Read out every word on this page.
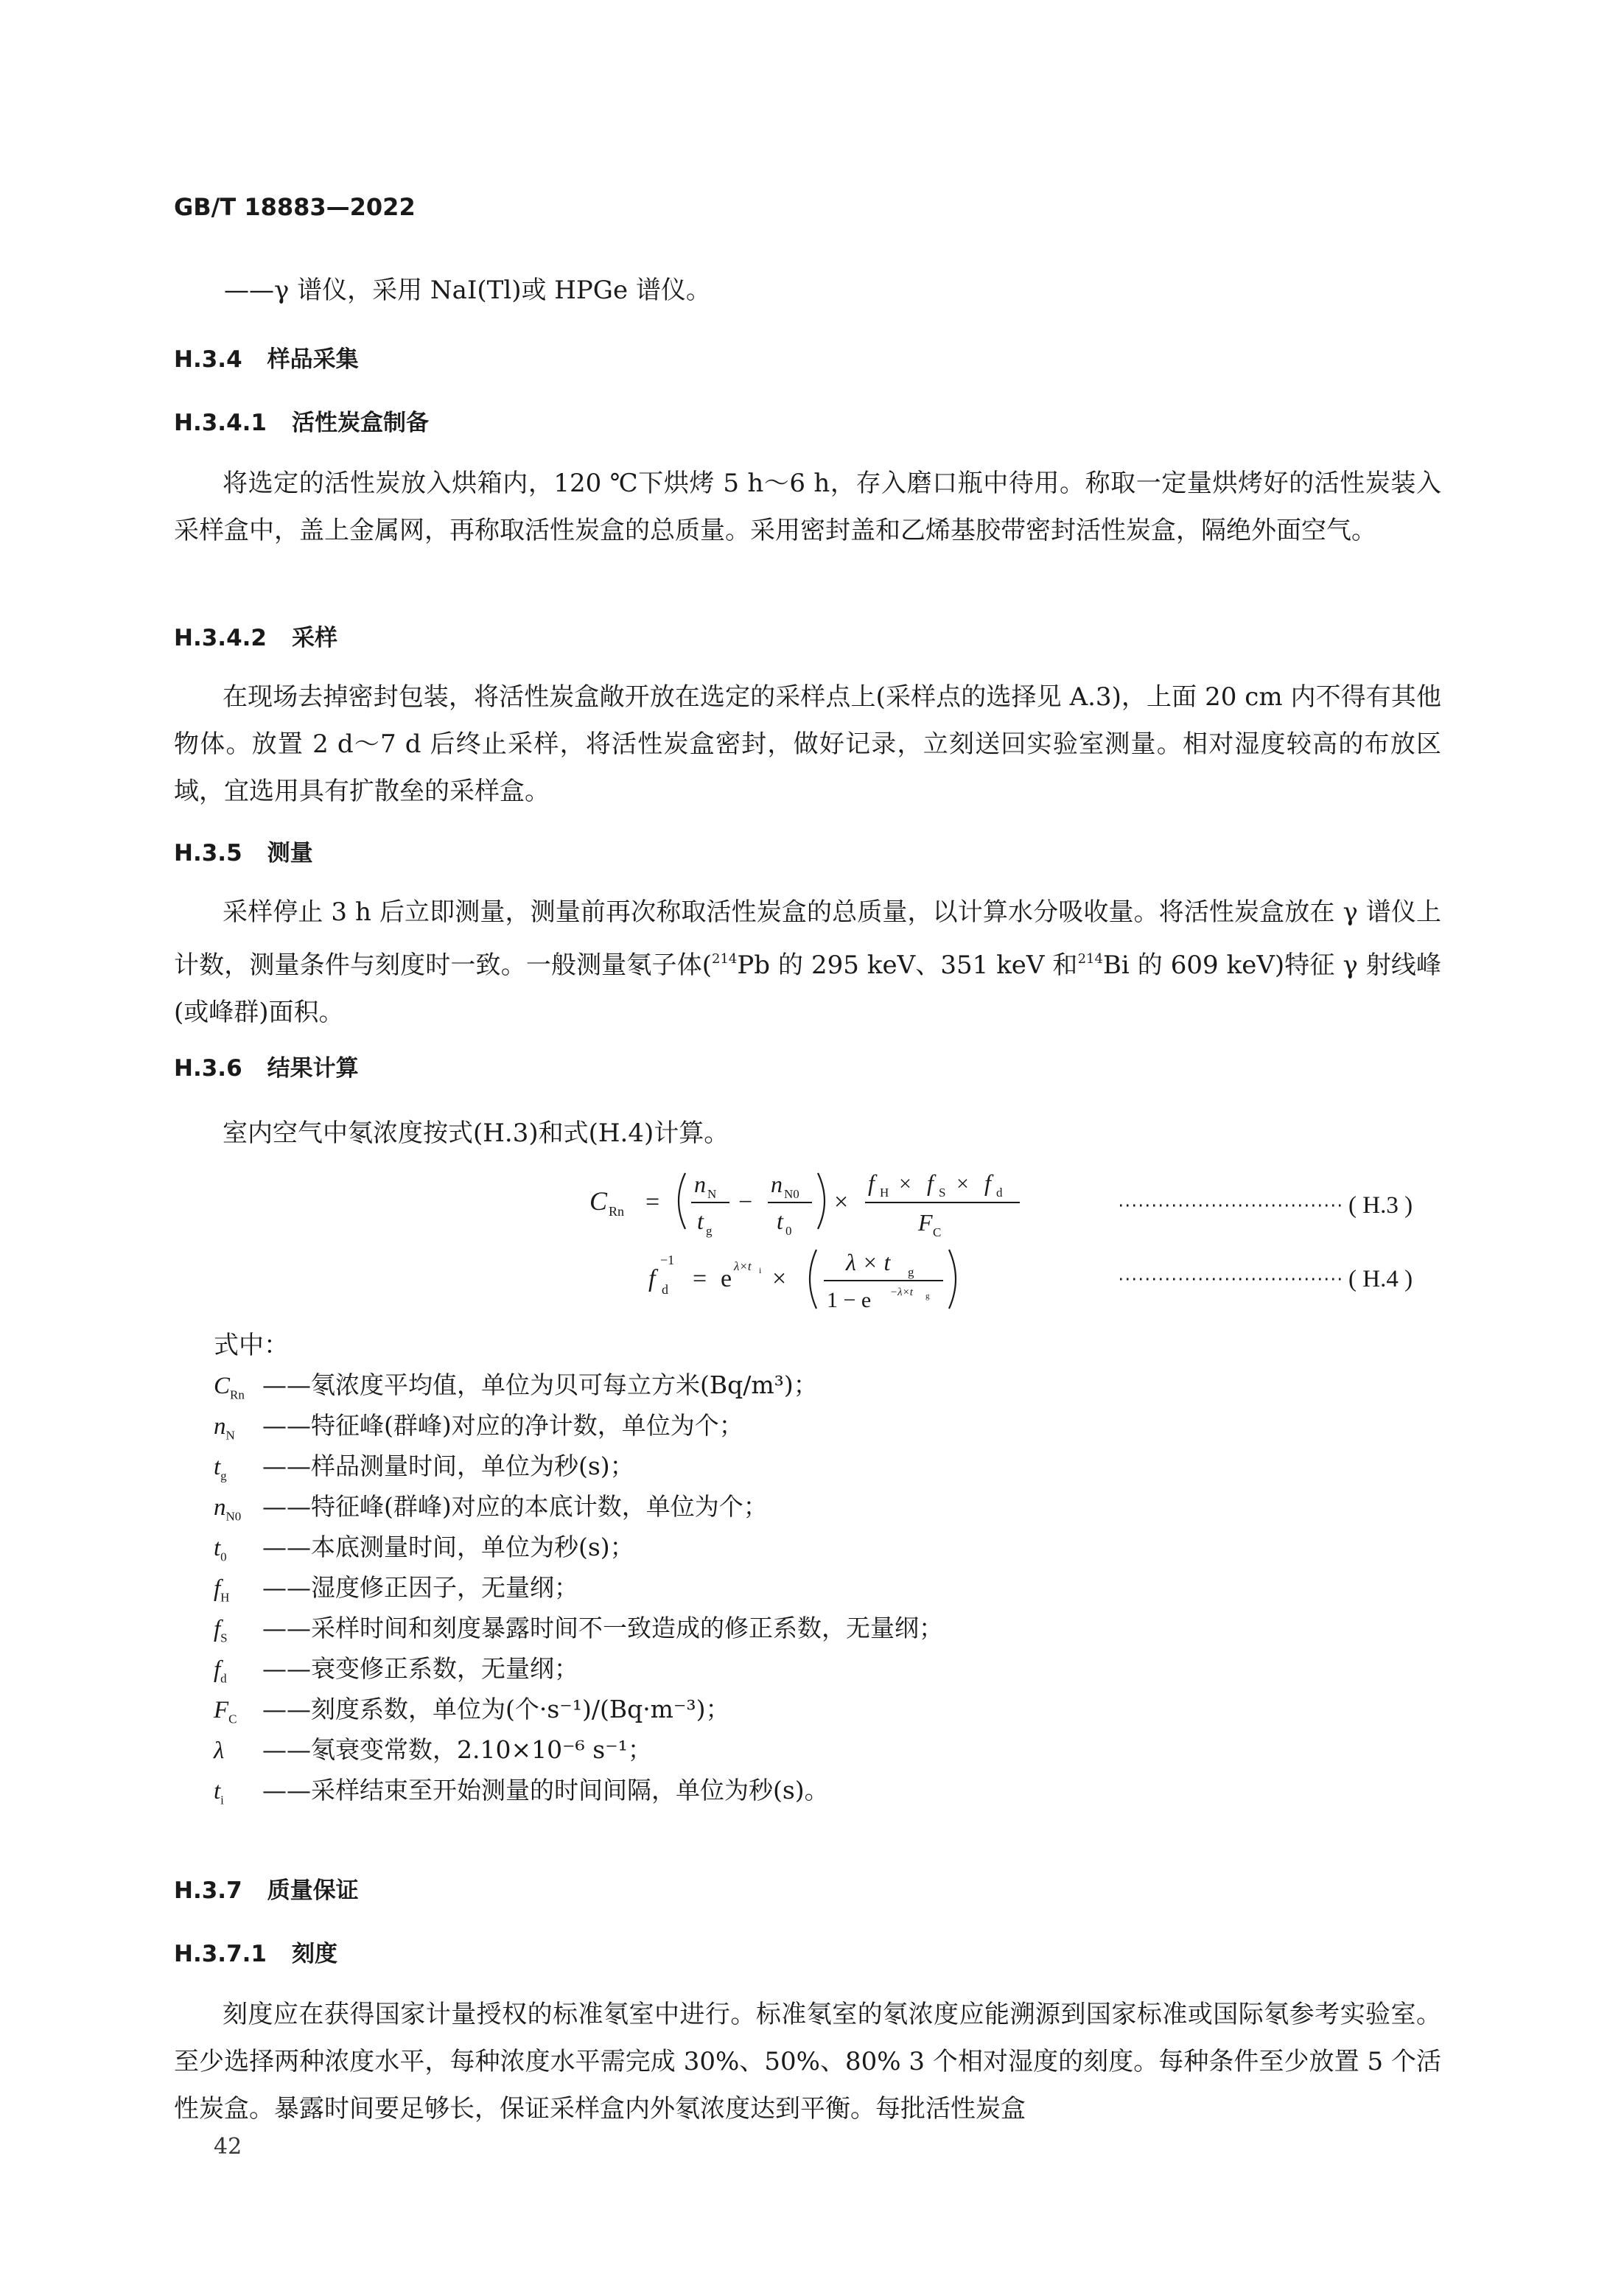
GB/T 18883—2022
——γ 谱仪，采用 NaI(Tl)或 HPGe 谱仪。
H.3.4 样品采集
H.3.4.1 活性炭盒制备
将选定的活性炭放入烘箱内，120 ℃下烘烤 5 h～6 h，存入磨口瓶中待用。称取一定量烘烤好的活性炭装入采样盒中，盖上金属网，再称取活性炭盒的总质量。采用密封盖和乙烯基胶带密封活性炭盒，隔绝外面空气。
H.3.4.2 采样
在现场去掉密封包装，将活性炭盒敞开放在选定的采样点上(采样点的选择见 A.3)，上面 20 cm 内不得有其他物体。放置 2 d～7 d 后终止采样，将活性炭盒密封，做好记录，立刻送回实验室测量。相对湿度较高的布放区域，宜选用具有扩散垒的采样盒。
H.3.5 测量
采样停止 3 h 后立即测量，测量前再次称取活性炭盒的总质量，以计算水分吸收量。将活性炭盒放在 γ 谱仪上计数，测量条件与刻度时一致。一般测量氡子体($^{214}$Pb 的 295 keV、351 keV 和$^{214}$Bi 的 609 keV)特征 γ 射线峰(或峰群)面积。
H.3.6 结果计算
室内空气中氡浓度按式(H.3)和式(H.4)计算。
C Rn =
n N
t g
−
n N0
t 0
×
f H × f S × f d
F C
( H.3 )
f
−1
d = e λ×t i ×
λ × t g
1 − e −λ×t g
( H.4 )
式中：
$C_{Rn}$ ——氡浓度平均值，单位为贝可每立方米(Bq/m³)；
$n_N$ ——特征峰(群峰)对应的净计数，单位为个；
$t_g$ ——样品测量时间，单位为秒(s)；
$n_{N0}$ ——特征峰(群峰)对应的本底计数，单位为个；
$t_0$ ——本底测量时间，单位为秒(s)；
$f_H$ ——湿度修正因子，无量纲；
$f_S$ ——采样时间和刻度暴露时间不一致造成的修正系数，无量纲；
$f_d$ ——衰变修正系数，无量纲；
$F_C$ ——刻度系数，单位为(个·s⁻¹)/(Bq·m⁻³)；
λ ——氡衰变常数，2.10×10⁻⁶ s⁻¹；
$t_i$ ——采样结束至开始测量的时间间隔，单位为秒(s)。
H.3.7 质量保证
H.3.7.1 刻度
刻度应在获得国家计量授权的标准氡室中进行。标准氡室的氡浓度应能溯源到国家标准或国际氡参考实验室。至少选择两种浓度水平，每种浓度水平需完成 30%、50%、80% 3 个相对湿度的刻度。每种条件至少放置 5 个活性炭盒。暴露时间要足够长，保证采样盒内外氡浓度达到平衡。每批活性炭盒
42
